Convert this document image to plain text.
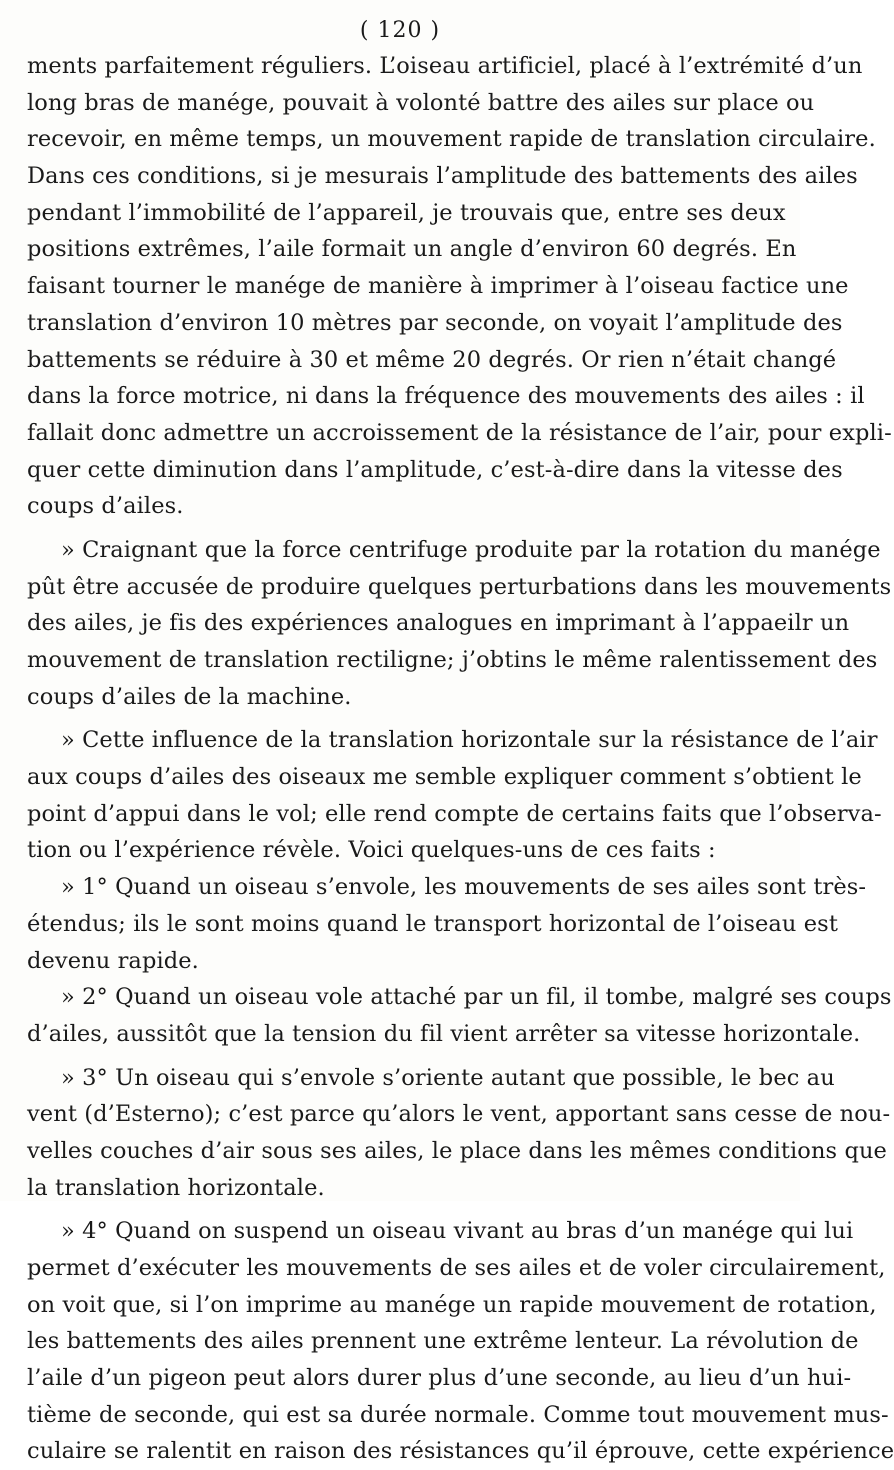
( 120 )
ments parfaitement réguliers. L’oiseau artificiel, placé à l’extrémité d’un
long bras de manége, pouvait à volonté battre des ailes sur place ou
recevoir, en même temps, un mouvement rapide de translation circulaire.
Dans ces conditions, si je mesurais l’amplitude des battements des ailes
pendant l’immobilité de l’appareil, je trouvais que, entre ses deux
positions extrêmes, l’aile formait un angle d’environ 60 degrés. En
faisant tourner le manége de manière à imprimer à l’oiseau factice une
translation d’environ 10 mètres par seconde, on voyait l’amplitude des
battements se réduire à 30 et même 20 degrés. Or rien n’était changé
dans la force motrice, ni dans la fréquence des mouvements des ailes : il
fallait donc admettre un accroissement de la résistance de l’air, pour expli-
quer cette diminution dans l’amplitude, c’est-à-dire dans la vitesse des
coups d’ailes.
» Craignant que la force centrifuge produite par la rotation du manége
pût être accusée de produire quelques perturbations dans les mouvements
des ailes, je fis des expériences analogues en imprimant à l’appaeilr un
mouvement de translation rectiligne; j’obtins le même ralentissement des
coups d’ailes de la machine.
» Cette influence de la translation horizontale sur la résistance de l’air
aux coups d’ailes des oiseaux me semble expliquer comment s’obtient le
point d’appui dans le vol; elle rend compte de certains faits que l’observa-
tion ou l’expérience révèle. Voici quelques-uns de ces faits :
» 1° Quand un oiseau s’envole, les mouvements de ses ailes sont très-
étendus; ils le sont moins quand le transport horizontal de l’oiseau est
devenu rapide.
» 2° Quand un oiseau vole attaché par un fil, il tombe, malgré ses coups
d’ailes, aussitôt que la tension du fil vient arrêter sa vitesse horizontale.
» 3° Un oiseau qui s’envole s’oriente autant que possible, le bec au
vent (d’Esterno); c’est parce qu’alors le vent, apportant sans cesse de nou-
velles couches d’air sous ses ailes, le place dans les mêmes conditions que
la translation horizontale.
» 4° Quand on suspend un oiseau vivant au bras d’un manége qui lui
permet d’exécuter les mouvements de ses ailes et de voler circulairement,
on voit que, si l’on imprime au manége un rapide mouvement de rotation,
les battements des ailes prennent une extrême lenteur. La révolution de
l’aile d’un pigeon peut alors durer plus d’une seconde, au lieu d’un hui-
tième de seconde, qui est sa durée normale. Comme tout mouvement mus-
culaire se ralentit en raison des résistances qu’il éprouve, cette expérience
